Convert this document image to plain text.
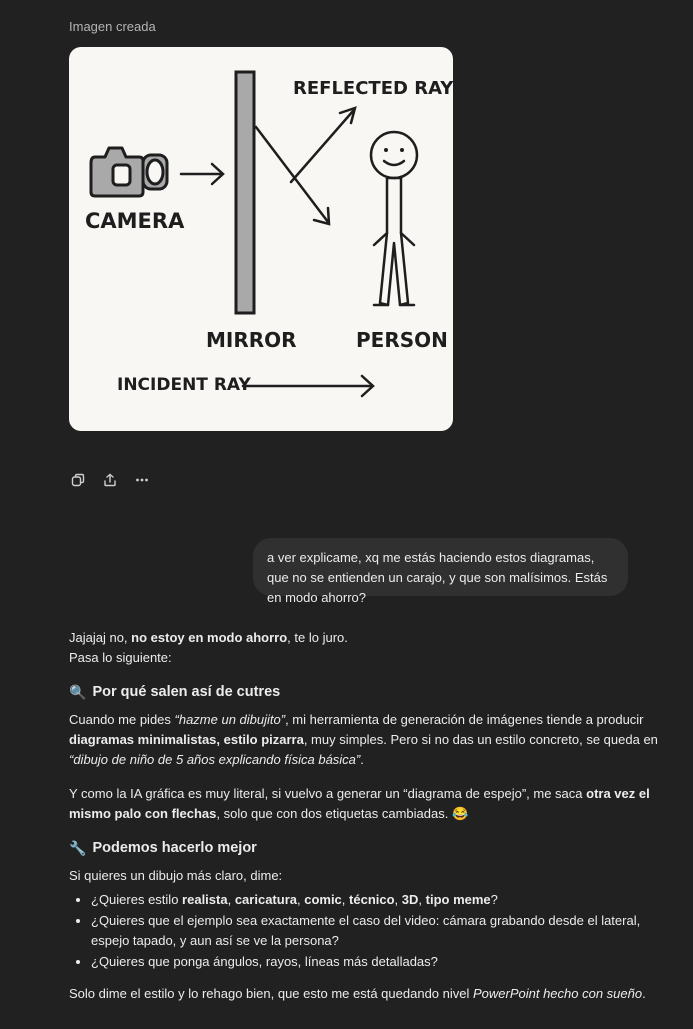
Imagen creada
CAMERA
MIRROR
REFLECTED RAY
PERSON
INCIDENT RAY
a ver explicame, xq me estás haciendo estos diagramas, que no se entienden un carajo, y que son malísimos. Estás en modo ahorro?

Jajajaj no, no estoy en modo ahorro, te lo juro.

Pasa lo siguiente:

🔍 Por qué salen así de cutres

Cuando me pides “hazme un dibujito”, mi herramienta de generación de imágenes tiende a producir diagramas minimalistas, estilo pizarra, muy simples. Pero si no das un estilo concreto, se queda en “dibujo de niño de 5 años explicando física básica”.

Y como la IA gráfica es muy literal, si vuelvo a generar un “diagrama de espejo”, me saca otra vez el mismo palo con flechas, solo que con dos etiquetas cambiadas. 😂

🔧 Podemos hacerlo mejor

Si quieres un dibujo más claro, dime:

• ¿Quieres estilo realista, caricatura, comic, técnico, 3D, tipo meme?
• ¿Quieres que el ejemplo sea exactamente el caso del video: cámara grabando desde el lateral, espejo tapado, y aun así se ve la persona?
• ¿Quieres que ponga ángulos, rayos, líneas más detalladas?

Solo dime el estilo y lo rehago bien, que esto me está quedando nivel PowerPoint hecho con sueño.
